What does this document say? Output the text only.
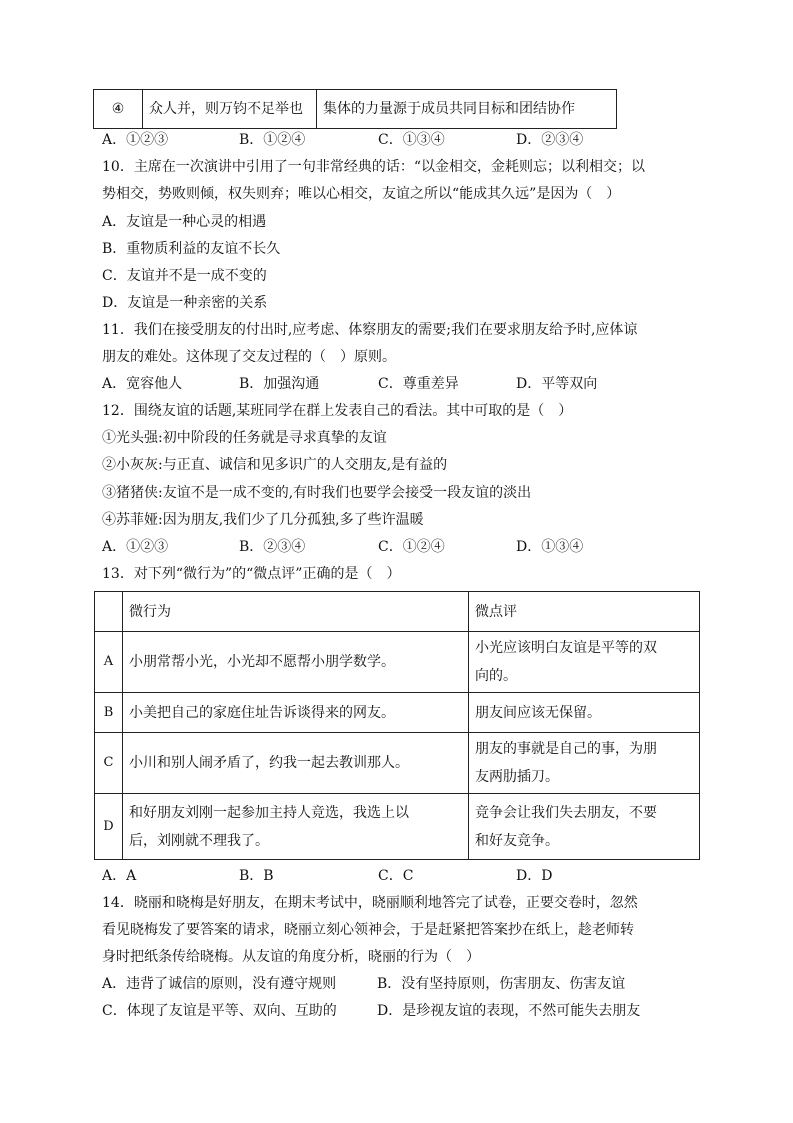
④	众人并，则万钧不足举也	集体的力量源于成员共同目标和团结协作
A．①②③	B．①②④	C．①③④	D．②③④
10．主席在一次演讲中引用了一句非常经典的话：“以金相交，金耗则忘；以利相交；以
势相交，势败则倾，权失则弃；唯以心相交，友谊之所以“能成其久远”是因为（　）
A．友谊是一种心灵的相遇
B．重物质利益的友谊不长久
C．友谊并不是一成不变的
D．友谊是一种亲密的关系
11．我们在接受朋友的付出时,应考虑、体察朋友的需要;我们在要求朋友给予时,应体谅
朋友的难处。这体现了交友过程的（　）原则。
A．宽容他人	B．加强沟通	C．尊重差异	D．平等双向
12．围绕友谊的话题,某班同学在群上发表自己的看法。其中可取的是（　）
①光头强:初中阶段的任务就是寻求真挚的友谊
②小灰灰:与正直、诚信和见多识广的人交朋友,是有益的
③猪猪侠:友谊不是一成不变的,有时我们也要学会接受一段友谊的淡出
④苏菲娅:因为朋友,我们少了几分孤独,多了些许温暖
A．①②③	B．②③④	C．①②④	D．①③④
13．对下列“微行为”的“微点评”正确的是（　）
	微行为	微点评
A	小朋常帮小光，小光却不愿帮小朋学数学。	小光应该明白友谊是平等的双
向的。
B	小美把自己的家庭住址告诉谈得来的网友。	朋友间应该无保留。
C	小川和别人闹矛盾了，约我一起去教训那人。	朋友的事就是自己的事，为朋
友两肋插刀。
D	和好朋友刘刚一起参加主持人竞选，我选上以
后，刘刚就不理我了。	竞争会让我们失去朋友，不要
和好友竞争。
A．A	B．B	C．C	D．D
14．晓丽和晓梅是好朋友，在期末考试中，晓丽顺利地答完了试卷，正要交卷时，忽然
看见晓梅发了要答案的请求，晓丽立刻心领神会，于是赶紧把答案抄在纸上，趁老师转
身时把纸条传给晓梅。从友谊的角度分析，晓丽的行为（　）
A．违背了诚信的原则，没有遵守规则	B．没有坚持原则，伤害朋友、伤害友谊
C．体现了友谊是平等、双向、互助的	D．是珍视友谊的表现，不然可能失去朋友
